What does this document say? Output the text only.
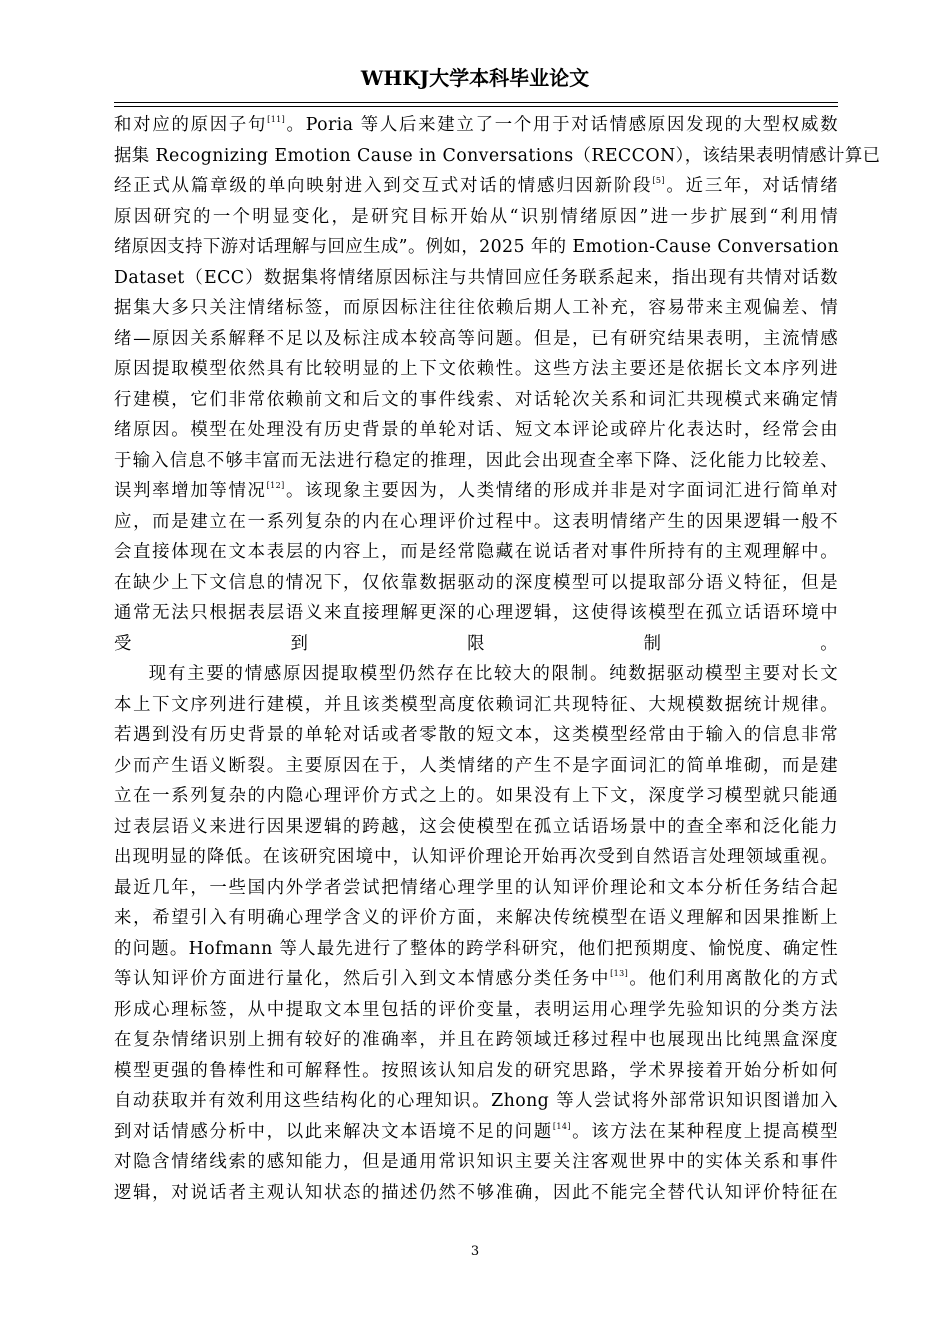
WHKJ大学本科毕业论文

和对应的原因子句[11]。Poria 等人后来建立了一个用于对话情感原因发现的大型权威数
据集 Recognizing Emotion Cause in Conversations（RECCON），该结果表明情感计算已
经正式从篇章级的单向映射进入到交互式对话的情感归因新阶段[5]。近三年，对话情绪
原因研究的一个明显变化，是研究目标开始从“识别情绪原因”进一步扩展到“利用情
绪原因支持下游对话理解与回应生成”。例如，2025 年的 Emotion-Cause Conversation
Dataset（ECC）数据集将情绪原因标注与共情回应任务联系起来，指出现有共情对话数
据集大多只关注情绪标签，而原因标注往往依赖后期人工补充，容易带来主观偏差、情
绪—原因关系解释不足以及标注成本较高等问题。但是，已有研究结果表明，主流情感
原因提取模型依然具有比较明显的上下文依赖性。这些方法主要还是依据长文本序列进
行建模，它们非常依赖前文和后文的事件线索、对话轮次关系和词汇共现模式来确定情
绪原因。模型在处理没有历史背景的单轮对话、短文本评论或碎片化表达时，经常会由
于输入信息不够丰富而无法进行稳定的推理，因此会出现查全率下降、泛化能力比较差、
误判率增加等情况[12]。该现象主要因为，人类情绪的形成并非是对字面词汇进行简单对
应，而是建立在一系列复杂的内在心理评价过程中。这表明情绪产生的因果逻辑一般不
会直接体现在文本表层的内容上，而是经常隐藏在说话者对事件所持有的主观理解中。
在缺少上下文信息的情况下，仅依靠数据驱动的深度模型可以提取部分语义特征，但是
通常无法只根据表层语义来直接理解更深的心理逻辑，这使得该模型在孤立话语环境中
受到限制。

现有主要的情感原因提取模型仍然存在比较大的限制。纯数据驱动模型主要对长文
本上下文序列进行建模，并且该类模型高度依赖词汇共现特征、大规模数据统计规律。
若遇到没有历史背景的单轮对话或者零散的短文本，这类模型经常由于输入的信息非常
少而产生语义断裂。主要原因在于，人类情绪的产生不是字面词汇的简单堆砌，而是建
立在一系列复杂的内隐心理评价方式之上的。如果没有上下文，深度学习模型就只能通
过表层语义来进行因果逻辑的跨越，这会使模型在孤立话语场景中的查全率和泛化能力
出现明显的降低。在该研究困境中，认知评价理论开始再次受到自然语言处理领域重视。
最近几年，一些国内外学者尝试把情绪心理学里的认知评价理论和文本分析任务结合起
来，希望引入有明确心理学含义的评价方面，来解决传统模型在语义理解和因果推断上
的问题。Hofmann 等人最先进行了整体的跨学科研究，他们把预期度、愉悦度、确定性
等认知评价方面进行量化，然后引入到文本情感分类任务中[13]。他们利用离散化的方式
形成心理标签，从中提取文本里包括的评价变量，表明运用心理学先验知识的分类方法
在复杂情绪识别上拥有较好的准确率，并且在跨领域迁移过程中也展现出比纯黑盒深度
模型更强的鲁棒性和可解释性。按照该认知启发的研究思路，学术界接着开始分析如何
自动获取并有效利用这些结构化的心理知识。Zhong 等人尝试将外部常识知识图谱加入
到对话情感分析中，以此来解决文本语境不足的问题[14]。该方法在某种程度上提高模型
对隐含情绪线索的感知能力，但是通用常识知识主要关注客观世界中的实体关系和事件
逻辑，对说话者主观认知状态的描述仍然不够准确，因此不能完全替代认知评价特征在

3
